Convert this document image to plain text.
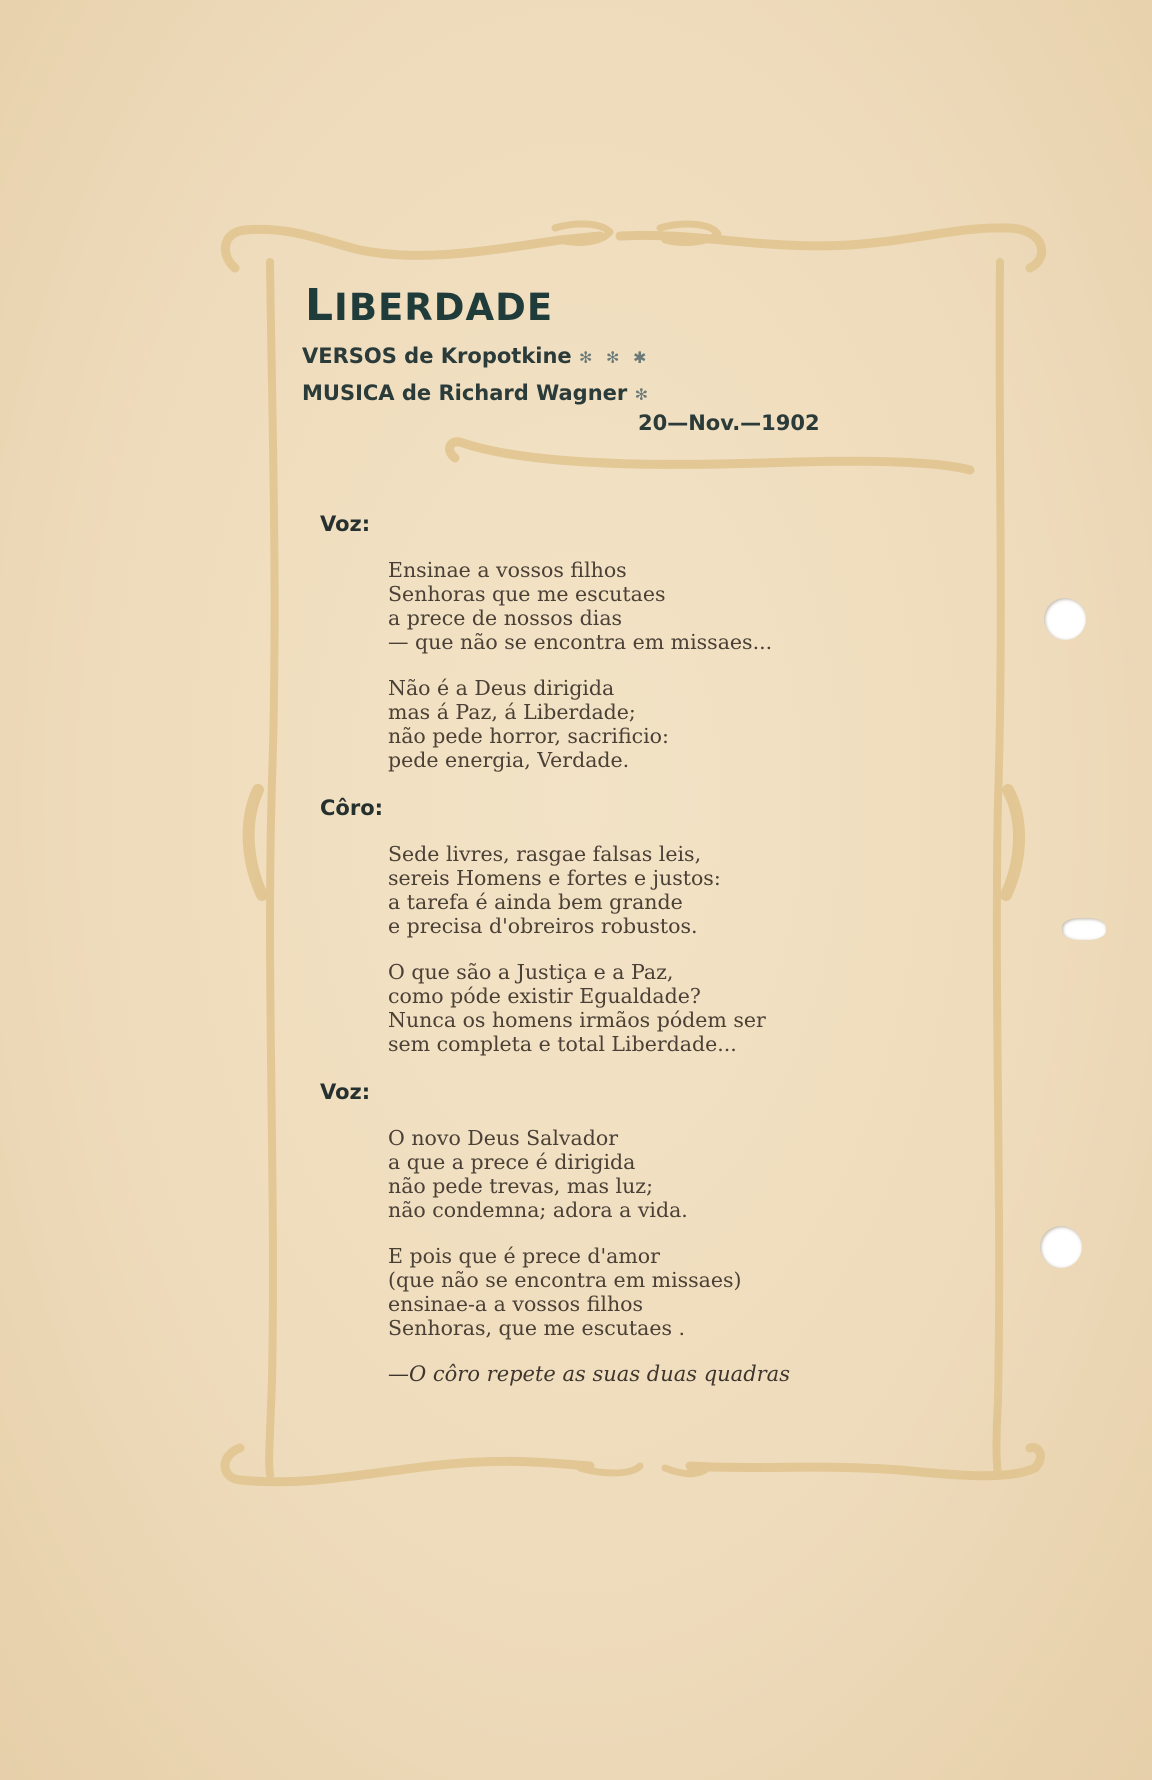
LIBERDADE
VERSOS de Kropotkine ✻ ✻ ✱
MUSICA de Richard Wagner ✻
20—Nov.—1902
Voz:
Ensinae a vossos filhos
Senhoras que me escutaes
a prece de nossos dias
— que não se encontra em missaes...
Não é a Deus dirigida
mas á Paz, á Liberdade;
não pede horror, sacrificio:
pede energia, Verdade.
Côro:
Sede livres, rasgae falsas leis,
sereis Homens e fortes e justos:
a tarefa é ainda bem grande
e precisa d'obreiros robustos.
O que são a Justiça e a Paz,
como póde existir Egualdade?
Nunca os homens irmãos pódem ser
sem completa e total Liberdade...
Voz:
O novo Deus Salvador
a que a prece é dirigida
não pede trevas, mas luz;
não condemna; adora a vida.
E pois que é prece d'amor
(que não se encontra em missaes)
ensinae-a a vossos filhos
Senhoras, que me escutaes .
—O côro repete as suas duas quadras
